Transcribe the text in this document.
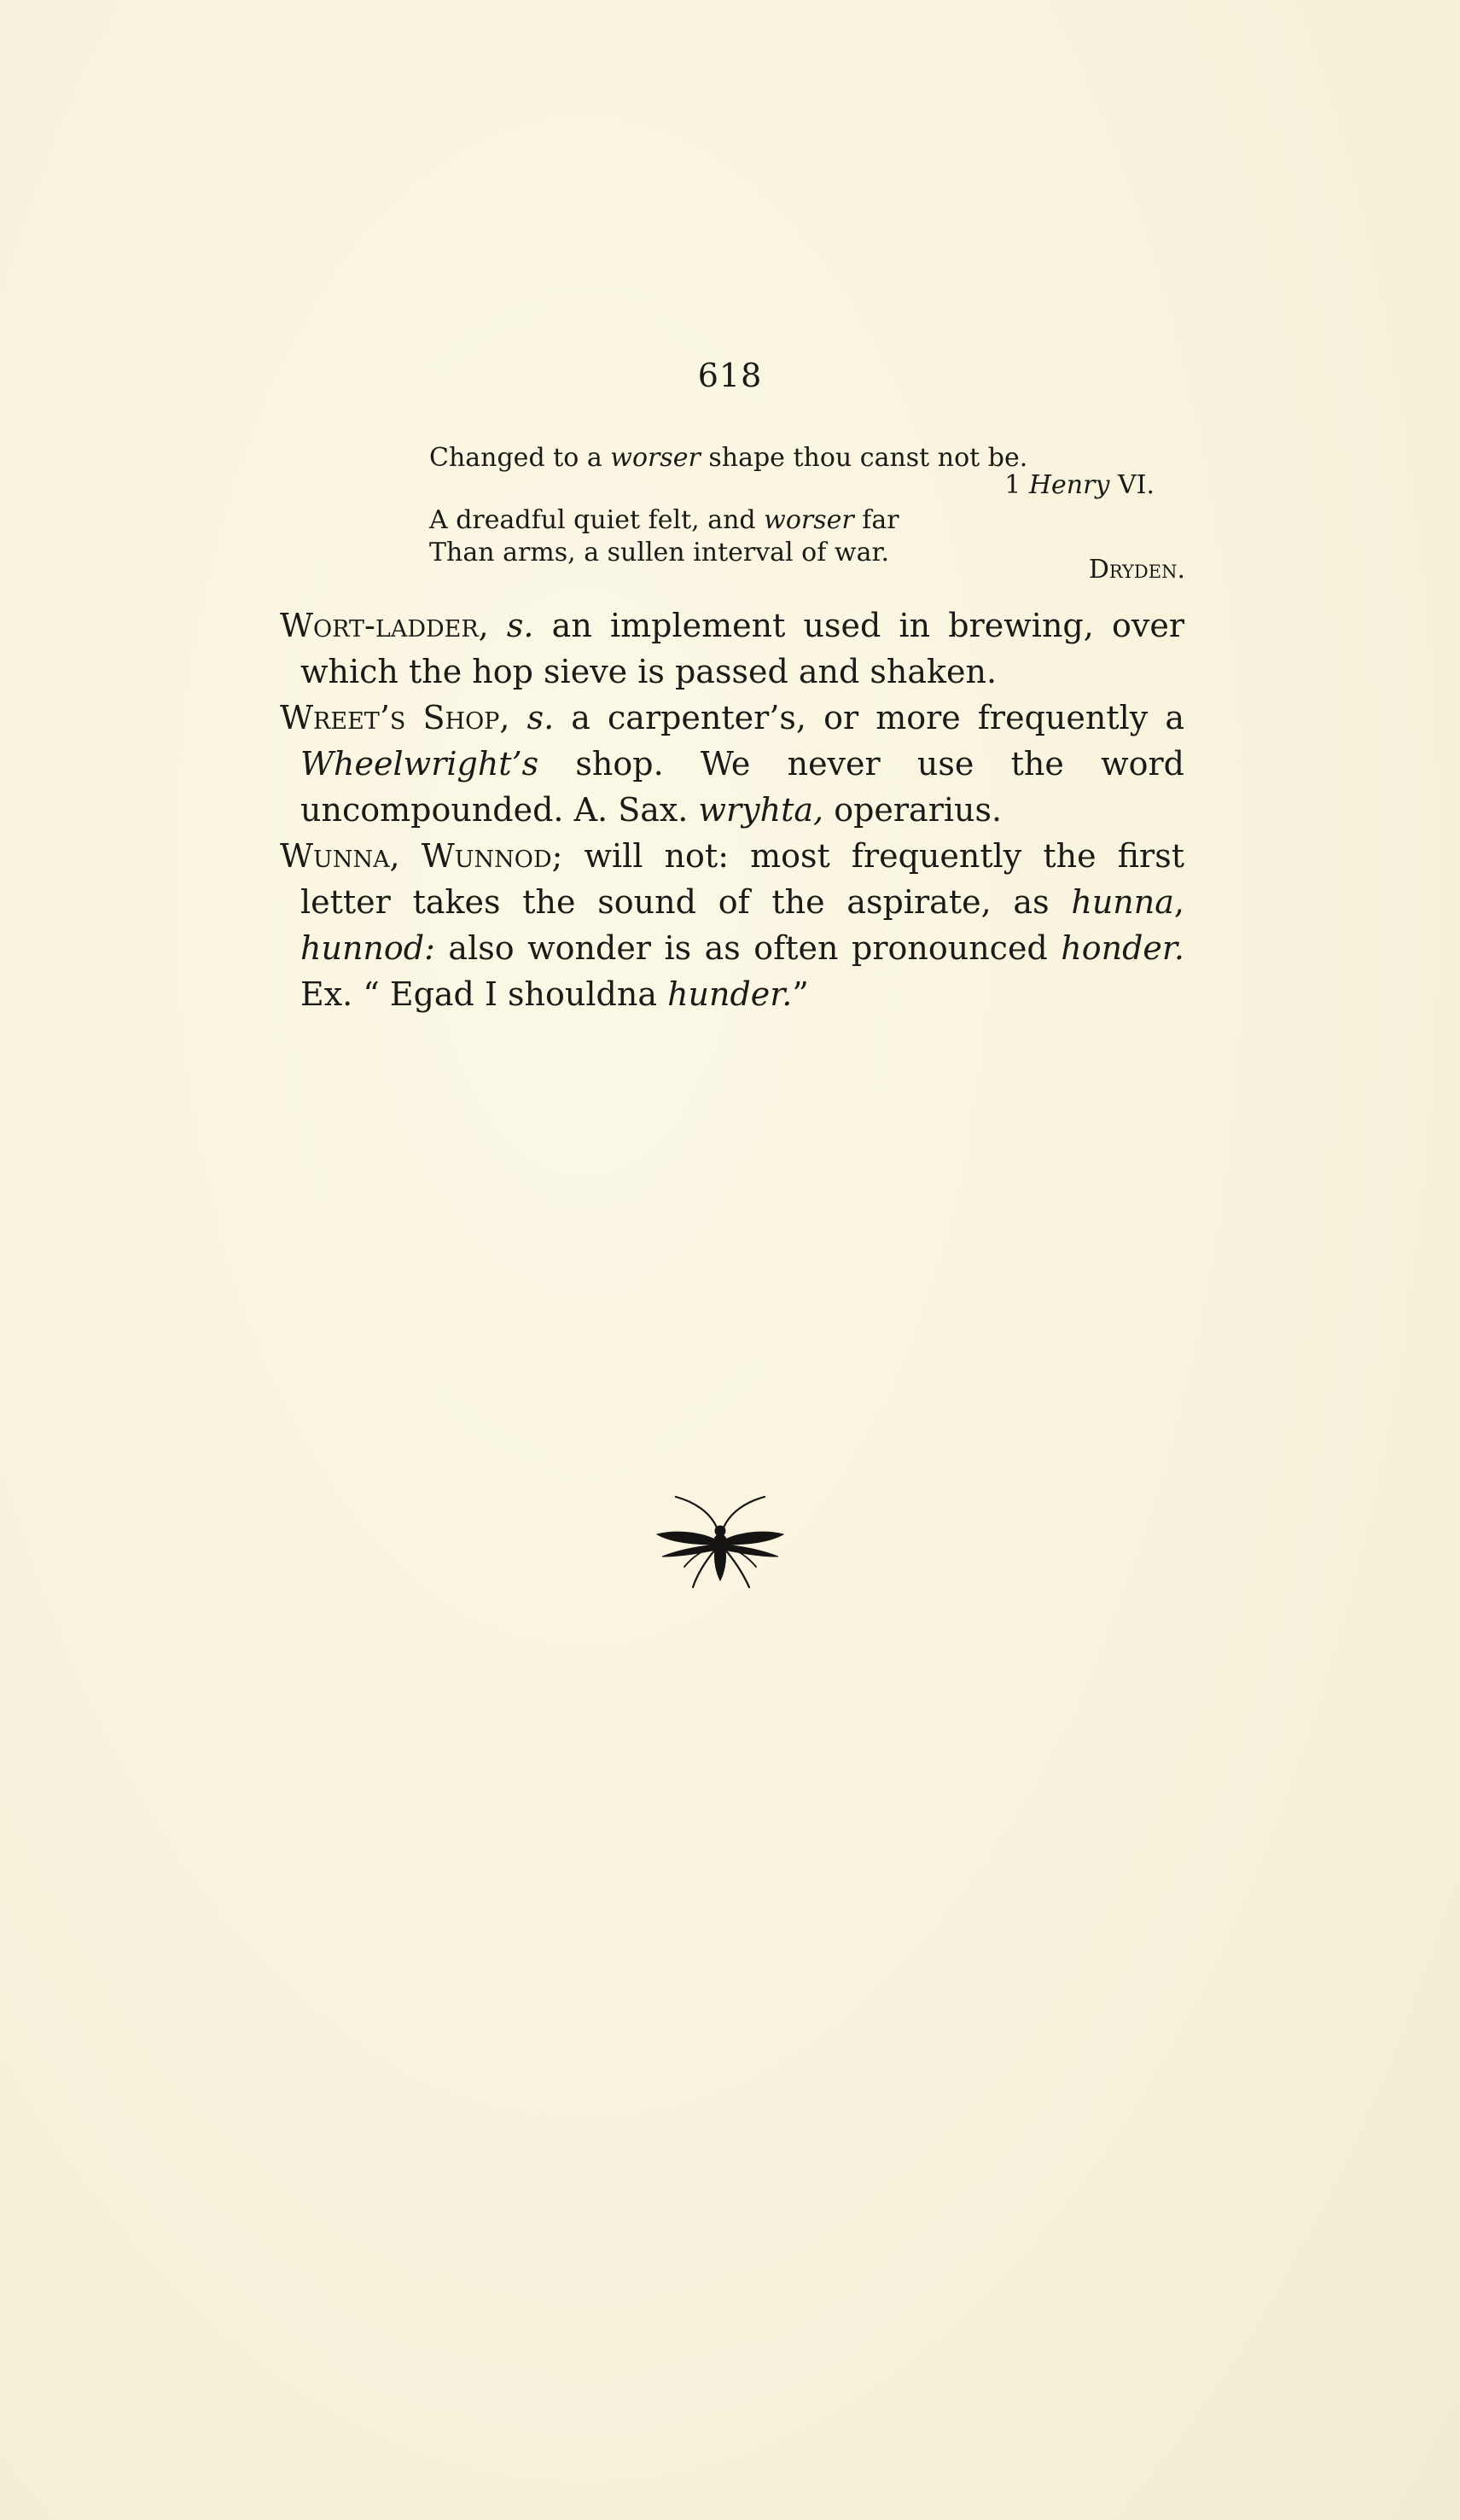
618
Changed to a worser shape thou canst not be.
1 Henry VI.
A dreadful quiet felt, and worser far
Than arms, a sullen interval of war.
Dryden.

Wort-ladder, s. an implement used in brewing, over which the hop sieve is passed and shaken.

Wreet’s Shop, s. a carpenter’s, or more frequently a Wheelwright’s shop. We never use the word uncompounded. A. Sax. wryhta, operarius.

Wunna, Wunnod; will not: most frequently the first letter takes the sound of the aspirate, as hunna, hunnod: also wonder is as often pronounced honder. Ex. “ Egad I shouldna hunder.”
